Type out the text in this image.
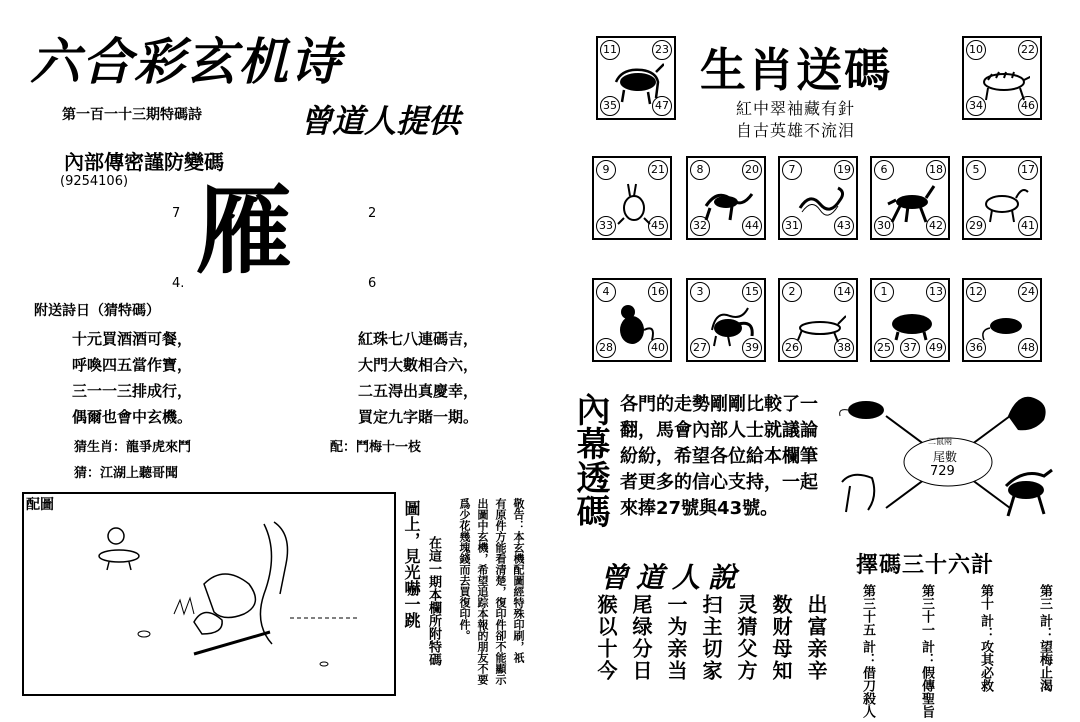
六合彩玄机诗
第一百一十三期特碼詩	曾道人提供
內部傳密謹防變碼
(9254106) 雁
7	2
4.	6
附送詩日（猜特碼）
十元買酒酒可餐，
呼喚四五當作寶，
三一一三排成行，
偶爾也會中玄機。
紅珠七八連碼吉，
大門大數相合六，
二五淂出真慶幸，
買定九字賭一期。
猜生肖：龍爭虎來鬥	配：鬥梅十一枝
猜：江湖上聽哥聞
配圖
在這一期本欄所附特碼
圖上，見光嚇一跳	敬告：本玄機配圖經特殊印刷，祇
有原件方能看清楚，復印件卻不能顯示
出圖中玄機，希望追踪本報的朋友不要
爲少花幾塊錢而去買復印件。
生肖送碼
紅中翠袖藏有針
自古英雄不流泪
11	23
35	47
10	22
34	46
9	21
33	45
8	20
32	44
7	19
31	43
6	18
30	42
5	17
29	41
4	16
28	40
3	15
27	39
2	14
26	38
1	13
25 37 49
12	24
36	48
內幕透碼 各門的走勢剛剛比較了一翻，馬會內部人士就議論紛紛，希望各位給本欄筆者更多的信心支持，一起來捧27號與43號。
二鼠兩
尾數
729
曾道人說
出富亲辛
数财母知
灵猜父方
扫主切家
一为亲当
尾绿分日
猴以十今
擇碼三十六計
第三
計：望梅止渴
第十
計：攻其必救
第三十一
計：假傳聖旨
第三十五
計：借刀殺人
